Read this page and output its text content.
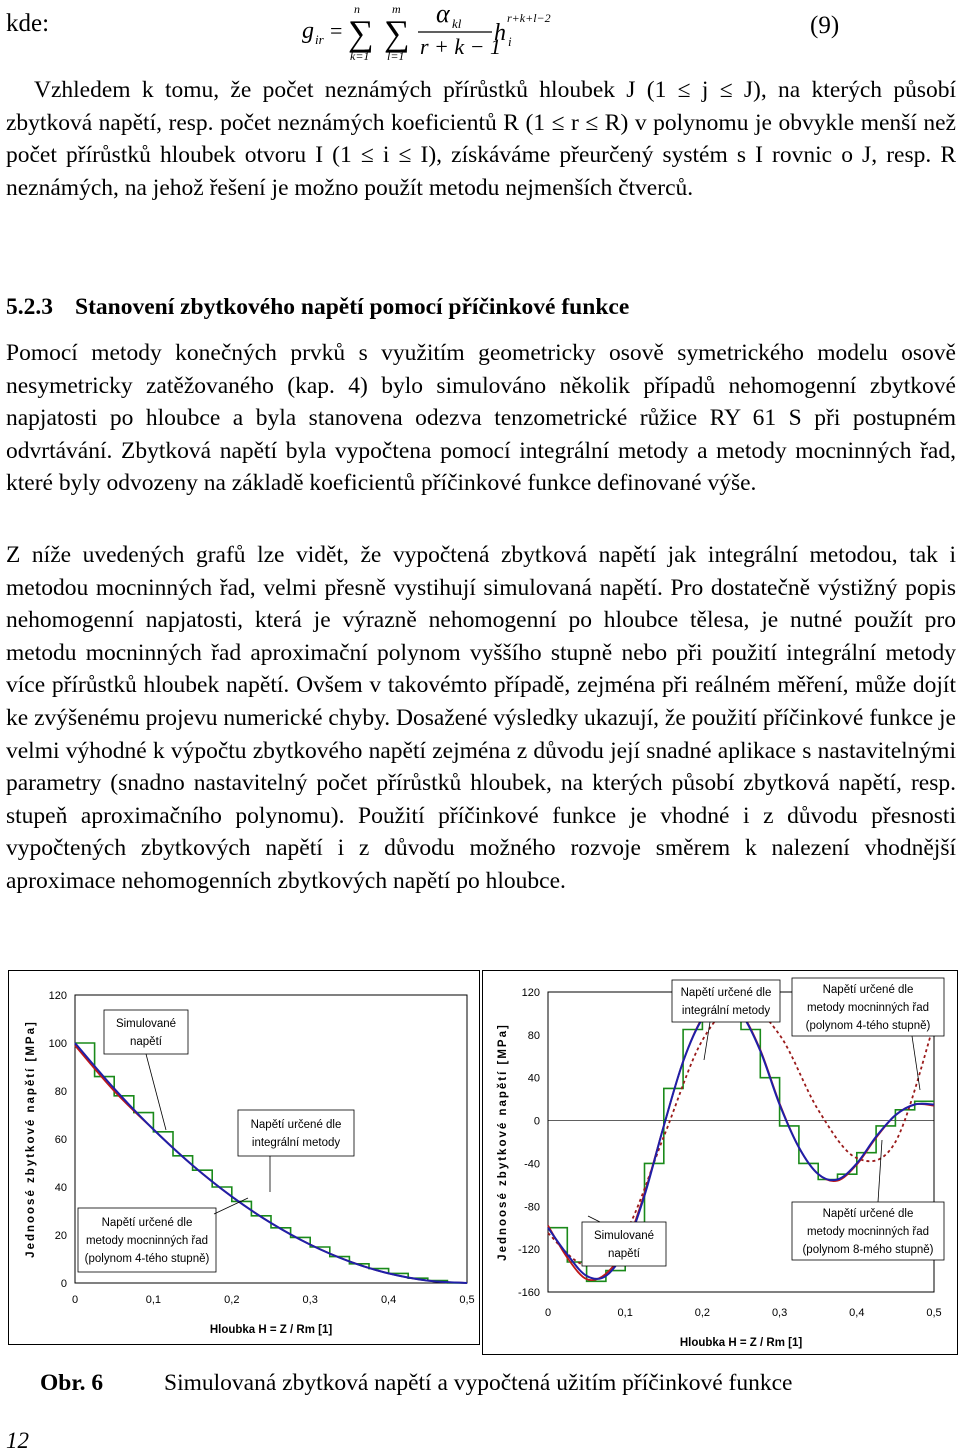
kde:	g ir =
n
∑
k=1
m
∑
l=1
α kl
r + k − 1
h i
r+k+l−2	(9)

Vzhledem k tomu, že počet neznámých přírůstků hloubek J (1 ≤ j ≤ J), na kterých působí zbytková napětí, resp. počet neznámých koeficientů R (1 ≤ r ≤ R) v polynomu je obvykle menší než počet přírůstků hloubek otvoru I (1 ≤ i ≤ I), získáváme přeurčený systém s I rovnic o J, resp. R neznámých, na jehož řešení je možno použít metodu nejmenších čtverců.

5.2.3 Stanovení zbytkového napětí pomocí příčinkové funkce

Pomocí metody konečných prvků s využitím geometricky osově symetrického modelu osově nesymetricky zatěžovaného (kap. 4) bylo simulováno několik případů nehomogenní zbytkové napjatosti po hloubce a byla stanovena odezva tenzometrické růžice RY 61 S při postupném odvrtávání. Zbytková napětí byla vypočtena pomocí integrální metody a metody mocninných řad, které byly odvozeny na základě koeficientů příčinkové funkce definované výše.

Z níže uvedených grafů lze vidět, že vypočtená zbytková napětí jak integrální metodou, tak i metodou mocninných řad, velmi přesně vystihují simulovaná napětí. Pro dostatečně výstižný popis nehomogenní napjatosti, která je výrazně nehomogenní po hloubce tělesa, je nutné použít pro metodu mocninných řad aproximační polynom vyššího stupně nebo při použití integrální metody více přírůstků hloubek napětí. Ovšem v takovémto případě, zejména při reálném měření, může dojít ke zvýšenému projevu numerické chyby. Dosažené výsledky ukazují, že použití příčinkové funkce je velmi výhodné k výpočtu zbytkového napětí zejména z důvodu její snadné aplikace s nastavitelnými parametry (snadno nastavitelný počet přírůstků hloubek, na kterých působí zbytková napětí, resp. stupeň aproximačního polynomu). Použití příčinkové funkce je vhodné i z důvodu přesnosti vypočtených zbytkových napětí i z důvodu možného rozvoje směrem k nalezení vhodnější aproximace nehomogenních zbytkových napětí po hloubce.

0
20
40
60
80
100
120
0	0,1	0,2	0,3	0,4	0,5
Hloubka H = Z / Rm [1]
Jednoosé zbytkové napětí [MPa]	Simulované napětí
Napětí určené dle integrální metody
Napětí určené dle metody mocninných řad (polynom 4-tého stupně)
-160
-120
-80
-40
0
40
80
120
0	0,1	0,2	0,3	0,4	0,5
Hloubka H = Z / Rm [1]
Jednoosé zbytkové napětí [MPa]
Napětí určené dle integrální metody
Napětí určené dle metody mocninných řad (polynom 4-tého stupně)
Napětí určené dle metody mocninných řad (polynom 8-mého stupně)
Simulované napětí
Obr. 6	Simulovaná zbytková napětí a vypočtená užitím příčinkové funkce
12
